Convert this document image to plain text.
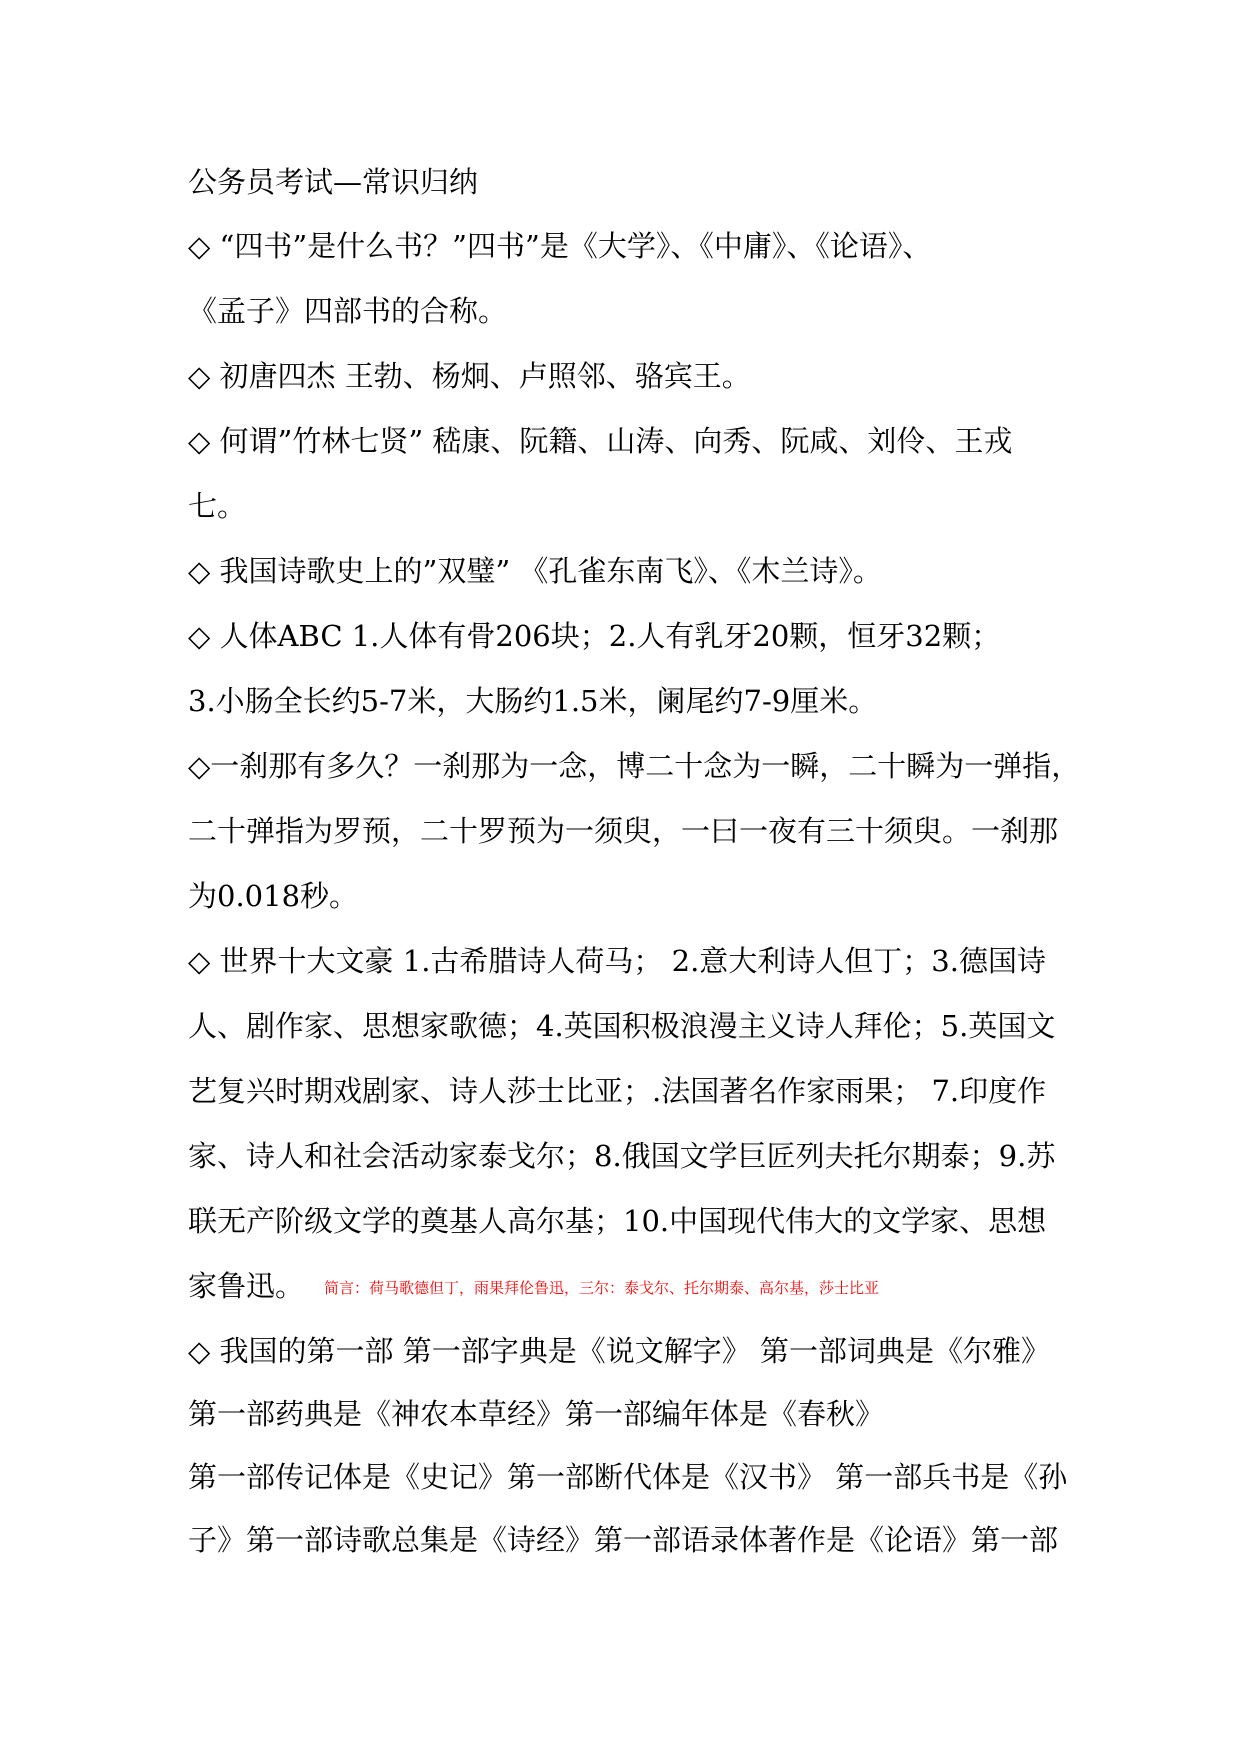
公务员考试—常识归纳
◇ “四书”是什么书？”四书”是《大学》、《中庸》、《论语》、
《孟子》四部书的合称。
◇ 初唐四杰 王勃、杨炯、卢照邻、骆宾王。
◇ 何谓”竹林七贤” 嵇康、阮籍、山涛、向秀、阮咸、刘伶、王戎
七。
◇ 我国诗歌史上的”双璧” 《孔雀东南飞》、《木兰诗》。
◇ 人体ABC 1.人体有骨206块；2.人有乳牙20颗，恒牙32颗；
3.小肠全长约5-7米，大肠约1.5米，阑尾约7-9厘米。
◇一刹那有多久？一刹那为一念，博二十念为一瞬，二十瞬为一弹指，
二十弹指为罗预，二十罗预为一须臾，一曰一夜有三十须臾。一刹那
为0.018秒。
◇ 世界十大文豪 1.古希腊诗人荷马； 2.意大利诗人但丁；3.德国诗
人、剧作家、思想家歌德；4.英国积极浪漫主义诗人拜伦；5.英国文
艺复兴时期戏剧家、诗人莎士比亚；.法国著名作家雨果； 7.印度作
家、诗人和社会活动家泰戈尔；8.俄国文学巨匠列夫托尔期泰；9.苏
联无产阶级文学的奠基人高尔基；10.中国现代伟大的文学家、思想
家鲁迅。 简言：荷马歌德但丁，雨果拜伦鲁迅，三尔：泰戈尔、托尔期泰、高尔基，莎士比亚
◇ 我国的第一部 第一部字典是《说文解字》 第一部词典是《尔雅》
第一部药典是《神农本草经》第一部编年体是《春秋》
第一部传记体是《史记》第一部断代体是《汉书》 第一部兵书是《孙
子》第一部诗歌总集是《诗经》第一部语录体著作是《论语》第一部
